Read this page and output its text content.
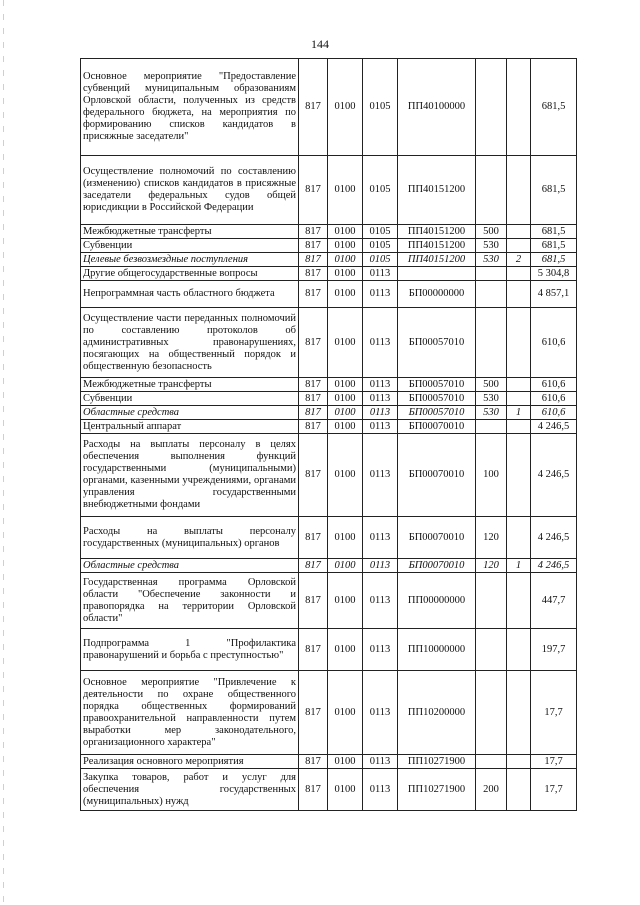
144
Основное мероприятие "Предоставление субвенций муниципальным образованиям Орловской области, полученных из средств федерального бюджета, на мероприятия по формированию списков кандидатов в присяжные заседатели"	817	0100	0105	ПП40100000			681,5
Осуществление полномочий по составлению (изменению) списков кандидатов в присяжные заседатели федеральных судов общей юрисдикции в Российской Федерации	817	0100	0105	ПП40151200			681,5
Межбюджетные трансферты	817	0100	0105	ПП40151200	500		681,5
Субвенции	817	0100	0105	ПП40151200	530		681,5
Целевые безвозмездные поступления	817	0100	0105	ПП40151200	530	2	681,5
Другие общегосударственные вопросы	817	0100	0113				5 304,8
Непрограммная часть областного бюджета	817	0100	0113	БП00000000			4 857,1
Осуществление части переданных полномочий по составлению протоколов об административных правонарушениях, посягающих на общественный порядок и общественную безопасность	817	0100	0113	БП00057010			610,6
Межбюджетные трансферты	817	0100	0113	БП00057010	500		610,6
Субвенции	817	0100	0113	БП00057010	530		610,6
Областные средства	817	0100	0113	БП00057010	530	1	610,6
Центральный аппарат	817	0100	0113	БП00070010			4 246,5
Расходы на выплаты персоналу в целях обеспечения выполнения функций государственными (муниципальными) органами, казенными учреждениями, органами управления государственными внебюджетными фондами	817	0100	0113	БП00070010	100		4 246,5
Расходы на выплаты персоналу государственных (муниципальных) органов	817	0100	0113	БП00070010	120		4 246,5
Областные средства	817	0100	0113	БП00070010	120	1	4 246,5
Государственная программа Орловской области "Обеспечение законности и правопорядка на территории Орловской области"	817	0100	0113	ПП00000000			447,7
Подпрограмма 1 "Профилактика правонарушений и борьба с преступностью"	817	0100	0113	ПП10000000			197,7
Основное мероприятие "Привлечение к деятельности по охране общественного порядка общественных формирований правоохранительной направленности путем выработки мер законодательного, организационного характера"	817	0100	0113	ПП10200000			17,7
Реализация основного мероприятия	817	0100	0113	ПП10271900			17,7
Закупка товаров, работ и услуг для обеспечения государственных (муниципальных) нужд	817	0100	0113	ПП10271900	200		17,7
